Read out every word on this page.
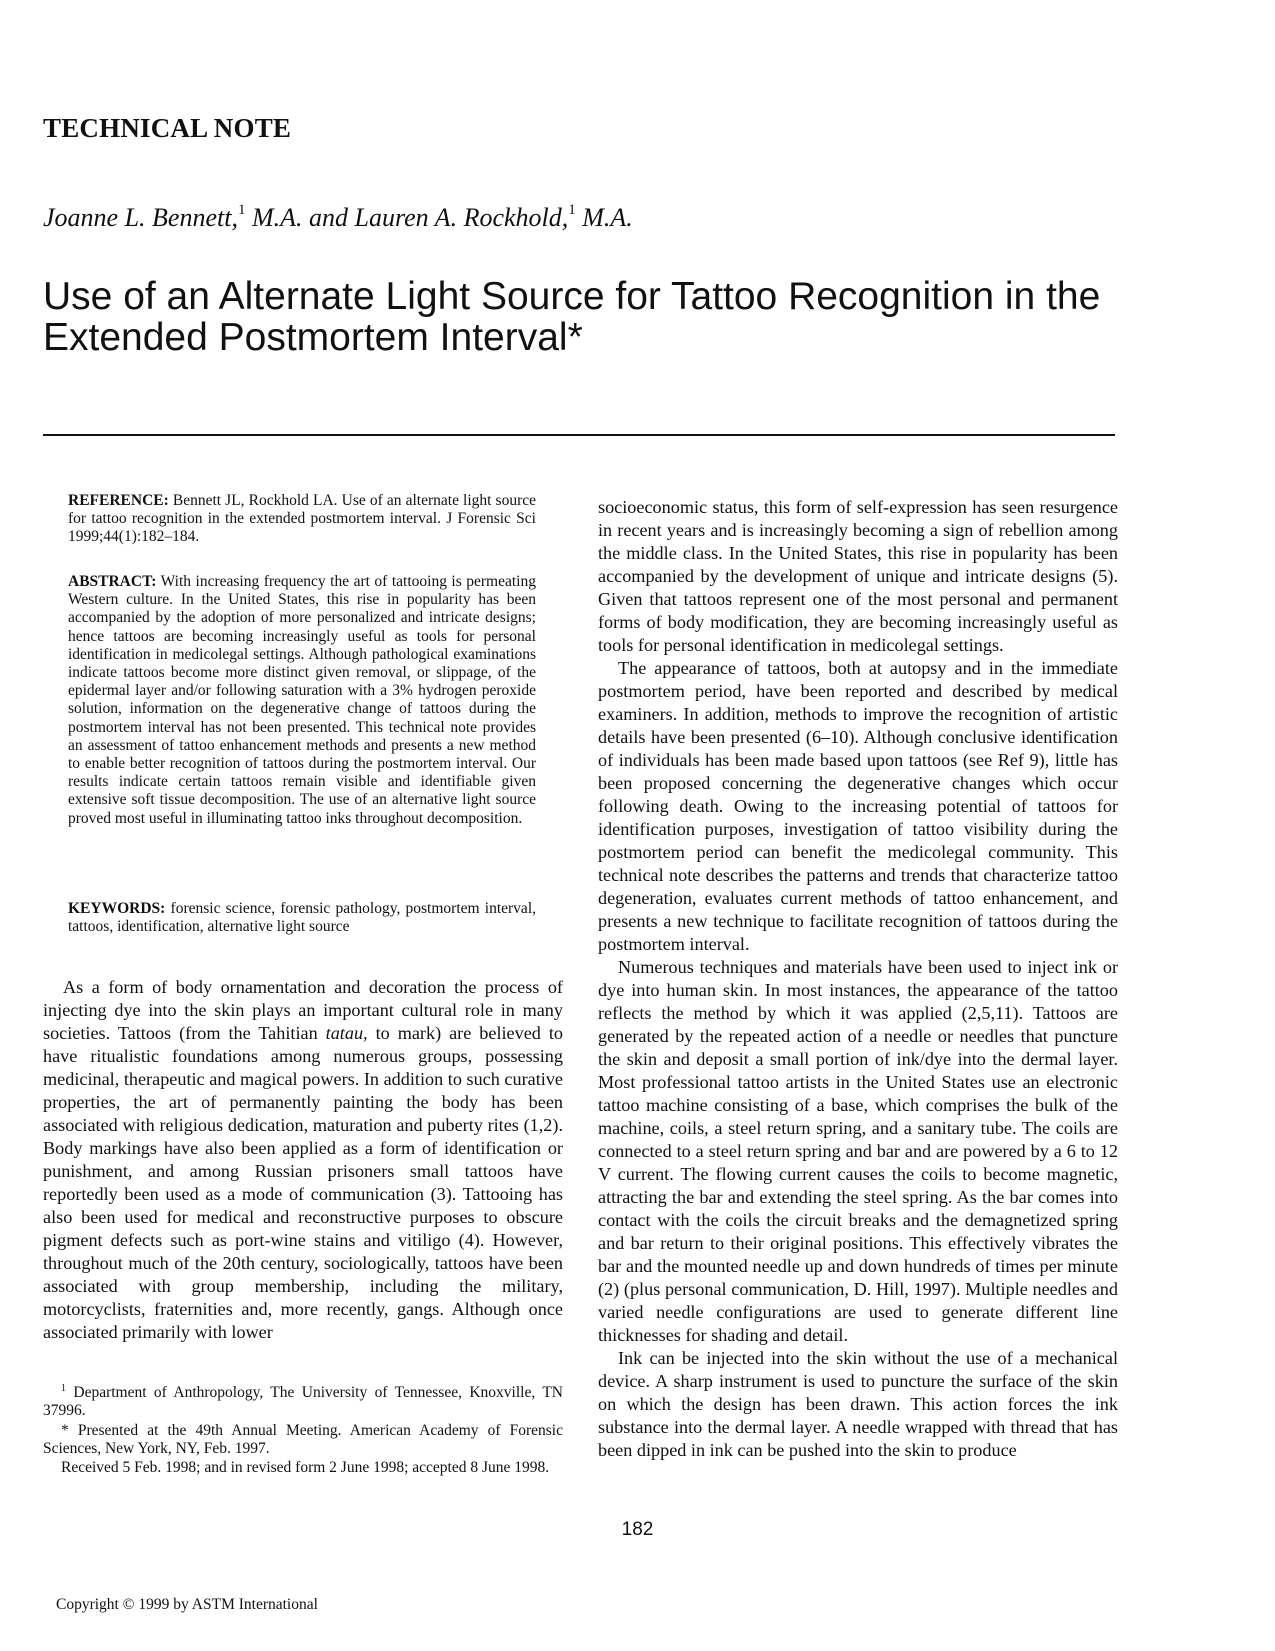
TECHNICAL NOTE
Joanne L. Bennett,$^1$ M.A. and Lauren A. Rockhold,$^1$ M.A.
Use of an Alternate Light Source for Tattoo Recognition in the Extended Postmortem Interval*
REFERENCE: Bennett JL, Rockhold LA. Use of an alternate light source for tattoo recognition in the extended postmortem interval. J Forensic Sci 1999;44(1):182–184.
ABSTRACT: With increasing frequency the art of tattooing is permeating Western culture. In the United States, this rise in popularity has been accompanied by the adoption of more personalized and intricate designs; hence tattoos are becoming increasingly useful as tools for personal identification in medicolegal settings. Although pathological examinations indicate tattoos become more distinct given removal, or slippage, of the epidermal layer and/or following saturation with a 3% hydrogen peroxide solution, information on the degenerative change of tattoos during the postmortem interval has not been presented. This technical note provides an assessment of tattoo enhancement methods and presents a new method to enable better recognition of tattoos during the postmortem interval. Our results indicate certain tattoos remain visible and identifiable given extensive soft tissue decomposition. The use of an alternative light source proved most useful in illuminating tattoo inks throughout decomposition.
KEYWORDS: forensic science, forensic pathology, postmortem interval, tattoos, identification, alternative light source

As a form of body ornamentation and decoration the process of injecting dye into the skin plays an important cultural role in many societies. Tattoos (from the Tahitian tatau, to mark) are believed to have ritualistic foundations among numerous groups, possessing medicinal, therapeutic and magical powers. In addition to such curative properties, the art of permanently painting the body has been associated with religious dedication, maturation and puberty rites (1,2). Body markings have also been applied as a form of identification or punishment, and among Russian prisoners small tattoos have reportedly been used as a mode of communication (3). Tattooing has also been used for medical and reconstructive purposes to obscure pigment defects such as port-wine stains and vitiligo (4). However, throughout much of the 20th century, sociologically, tattoos have been associated with group membership, including the military, motorcyclists, fraternities and, more recently, gangs. Although once associated primarily with lower

$^1$ Department of Anthropology, The University of Tennessee, Knoxville, TN 37996.

* Presented at the 49th Annual Meeting. American Academy of Forensic Sciences, New York, NY, Feb. 1997.

Received 5 Feb. 1998; and in revised form 2 June 1998; accepted 8 June 1998.

socioeconomic status, this form of self-expression has seen resurgence in recent years and is increasingly becoming a sign of rebellion among the middle class. In the United States, this rise in popularity has been accompanied by the development of unique and intricate designs (5). Given that tattoos represent one of the most personal and permanent forms of body modification, they are becoming increasingly useful as tools for personal identification in medicolegal settings.

The appearance of tattoos, both at autopsy and in the immediate postmortem period, have been reported and described by medical examiners. In addition, methods to improve the recognition of artistic details have been presented (6–10). Although conclusive identification of individuals has been made based upon tattoos (see Ref 9), little has been proposed concerning the degenerative changes which occur following death. Owing to the increasing potential of tattoos for identification purposes, investigation of tattoo visibility during the postmortem period can benefit the medicolegal community. This technical note describes the patterns and trends that characterize tattoo degeneration, evaluates current methods of tattoo enhancement, and presents a new technique to facilitate recognition of tattoos during the postmortem interval.

Numerous techniques and materials have been used to inject ink or dye into human skin. In most instances, the appearance of the tattoo reflects the method by which it was applied (2,5,11). Tattoos are generated by the repeated action of a needle or needles that puncture the skin and deposit a small portion of ink/dye into the dermal layer. Most professional tattoo artists in the United States use an electronic tattoo machine consisting of a base, which comprises the bulk of the machine, coils, a steel return spring, and a sanitary tube. The coils are connected to a steel return spring and bar and are powered by a 6 to 12 V current. The flowing current causes the coils to become magnetic, attracting the bar and extending the steel spring. As the bar comes into contact with the coils the circuit breaks and the demagnetized spring and bar return to their original positions. This effectively vibrates the bar and the mounted needle up and down hundreds of times per minute (2) (plus personal communication, D. Hill, 1997). Multiple needles and varied needle configurations are used to generate different line thicknesses for shading and detail.

Ink can be injected into the skin without the use of a mechanical device. A sharp instrument is used to puncture the surface of the skin on which the design has been drawn. This action forces the ink substance into the dermal layer. A needle wrapped with thread that has been dipped in ink can be pushed into the skin to produce

182
Copyright © 1999 by ASTM International
